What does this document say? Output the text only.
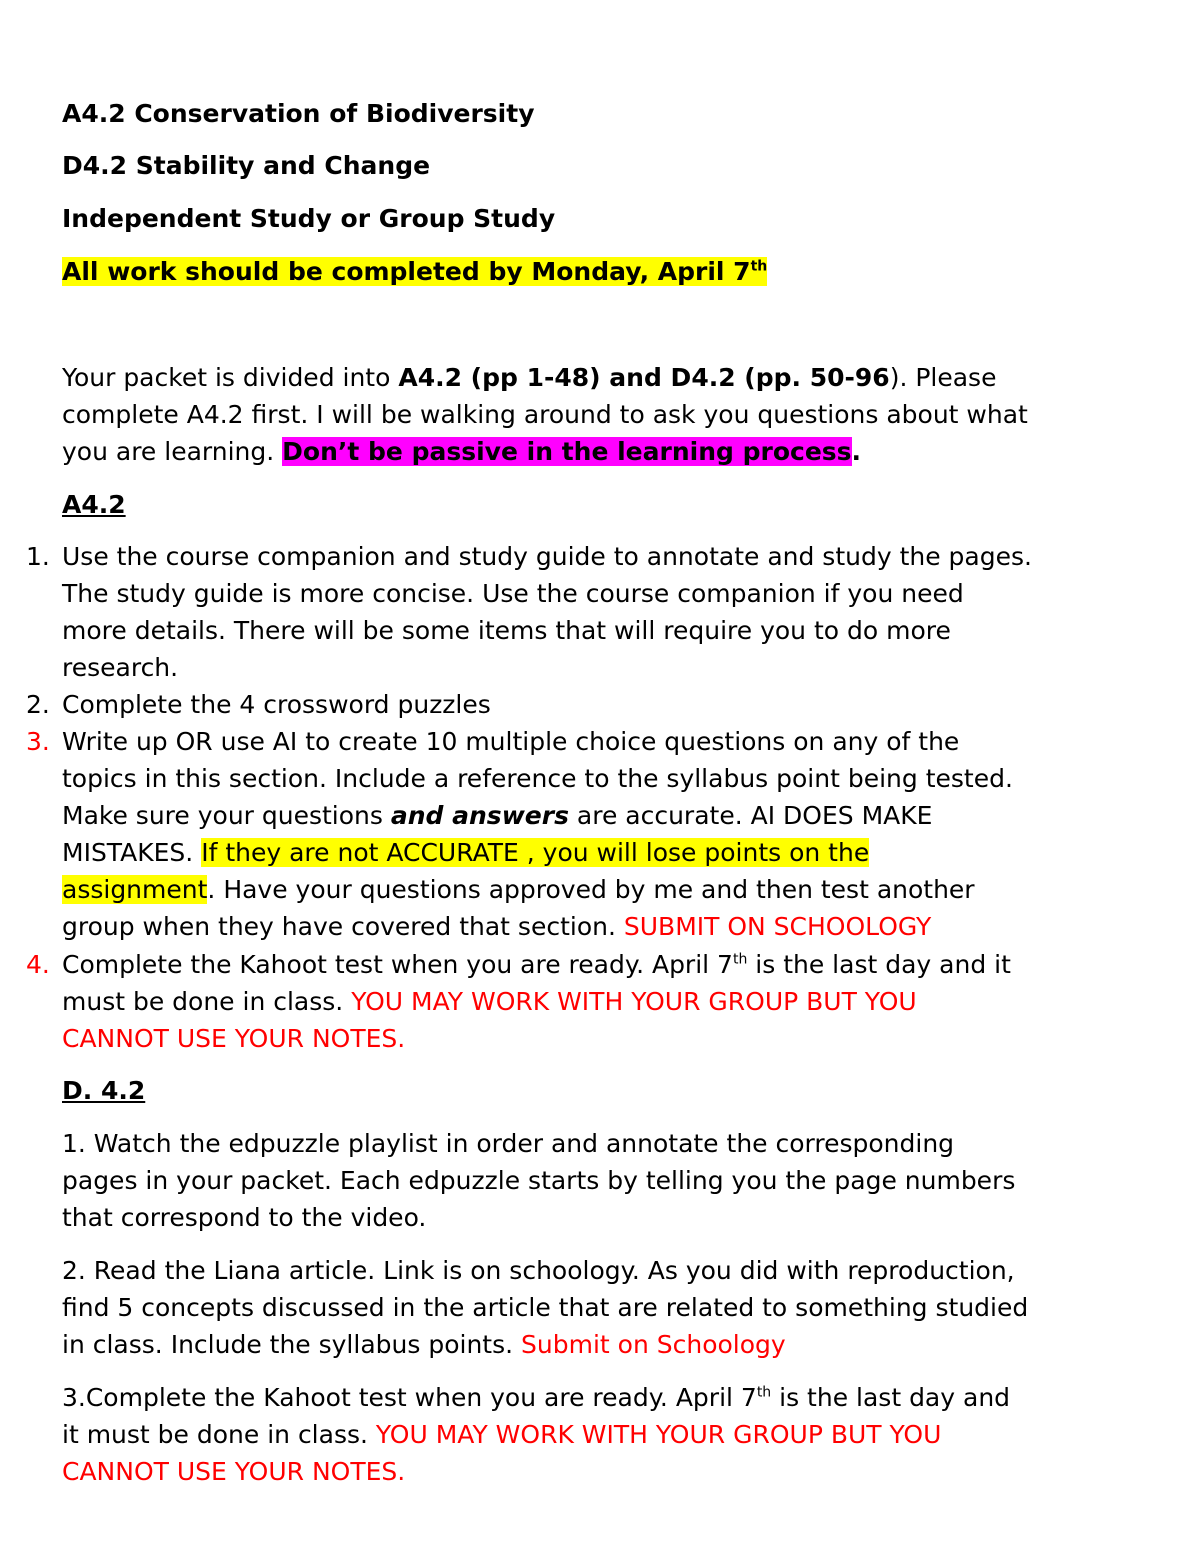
A4.2 Conservation of Biodiversity
D4.2 Stability and Change
Independent Study or Group Study
All work should be completed by Monday, April 7th
Your packet is divided into A4.2 (pp 1-48) and D4.2 (pp. 50-96). Please
complete A4.2 first. I will be walking around to ask you questions about what
you are learning. Don’t be passive in the learning process.
A4.2
1. Use the course companion and study guide to annotate and study the pages.
The study guide is more concise. Use the course companion if you need
more details. There will be some items that will require you to do more
research.
2. Complete the 4 crossword puzzles
3. Write up OR use AI to create 10 multiple choice questions on any of the
topics in this section. Include a reference to the syllabus point being tested.
Make sure your questions and answers are accurate. AI DOES MAKE
MISTAKES. If they are not ACCURATE , you will lose points on the
assignment. Have your questions approved by me and then test another
group when they have covered that section. SUBMIT ON SCHOOLOGY
4. Complete the Kahoot test when you are ready. April 7th is the last day and it
must be done in class. YOU MAY WORK WITH YOUR GROUP BUT YOU
CANNOT USE YOUR NOTES.
D. 4.2
1. Watch the edpuzzle playlist in order and annotate the corresponding
pages in your packet. Each edpuzzle starts by telling you the page numbers
that correspond to the video.
2. Read the Liana article. Link is on schoology. As you did with reproduction,
find 5 concepts discussed in the article that are related to something studied
in class. Include the syllabus points. Submit on Schoology
3.Complete the Kahoot test when you are ready. April 7th is the last day and
it must be done in class. YOU MAY WORK WITH YOUR GROUP BUT YOU
CANNOT USE YOUR NOTES.
